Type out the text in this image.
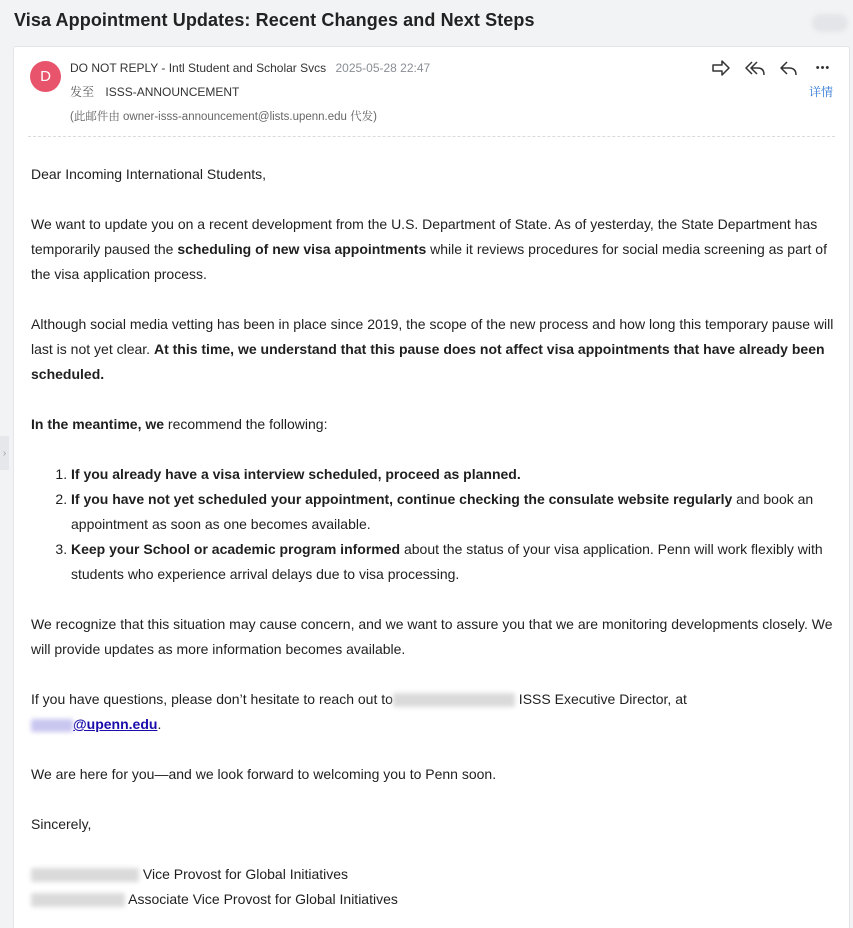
Visa Appointment Updates: Recent Changes and Next Steps
›
D	DO NOT REPLY - Intl Student and Scholar Svcs 2025-05-28 22:47
发至 ISSS-ANNOUNCEMENT
(此邮件由 owner-isss-announcement@lists.upenn.edu 代发)
•••
详情

Dear Incoming International Students,

We want to update you on a recent development from the U.S. Department of State. As of yesterday, the State Department has temporarily paused the scheduling of new visa appointments while it reviews procedures for social media screening as part of the visa application process.

Although social media vetting has been in place since 2019, the scope of the new process and how long this temporary pause will last is not yet clear. At this time, we understand that this pause does not affect visa appointments that have already been scheduled.

In the meantime, we recommend the following:

1. If you already have a visa interview scheduled, proceed as planned.
2. If you have not yet scheduled your appointment, continue checking the consulate website regularly and book an appointment as soon as one becomes available.
3. Keep your School or academic program informed about the status of your visa application. Penn will work flexibly with students who experience arrival delays due to visa processing.

We recognize that this situation may cause concern, and we want to assure you that we are monitoring developments closely. We will provide updates as more information becomes available.

If you have questions, please don’t hesitate to reach out to	ISSS Executive Director, at
@upenn.edu.

We are here for you—and we look forward to welcoming you to Penn soon.

Sincerely,

Vice Provost for Global Initiatives
Associate Vice Provost for Global Initiatives
